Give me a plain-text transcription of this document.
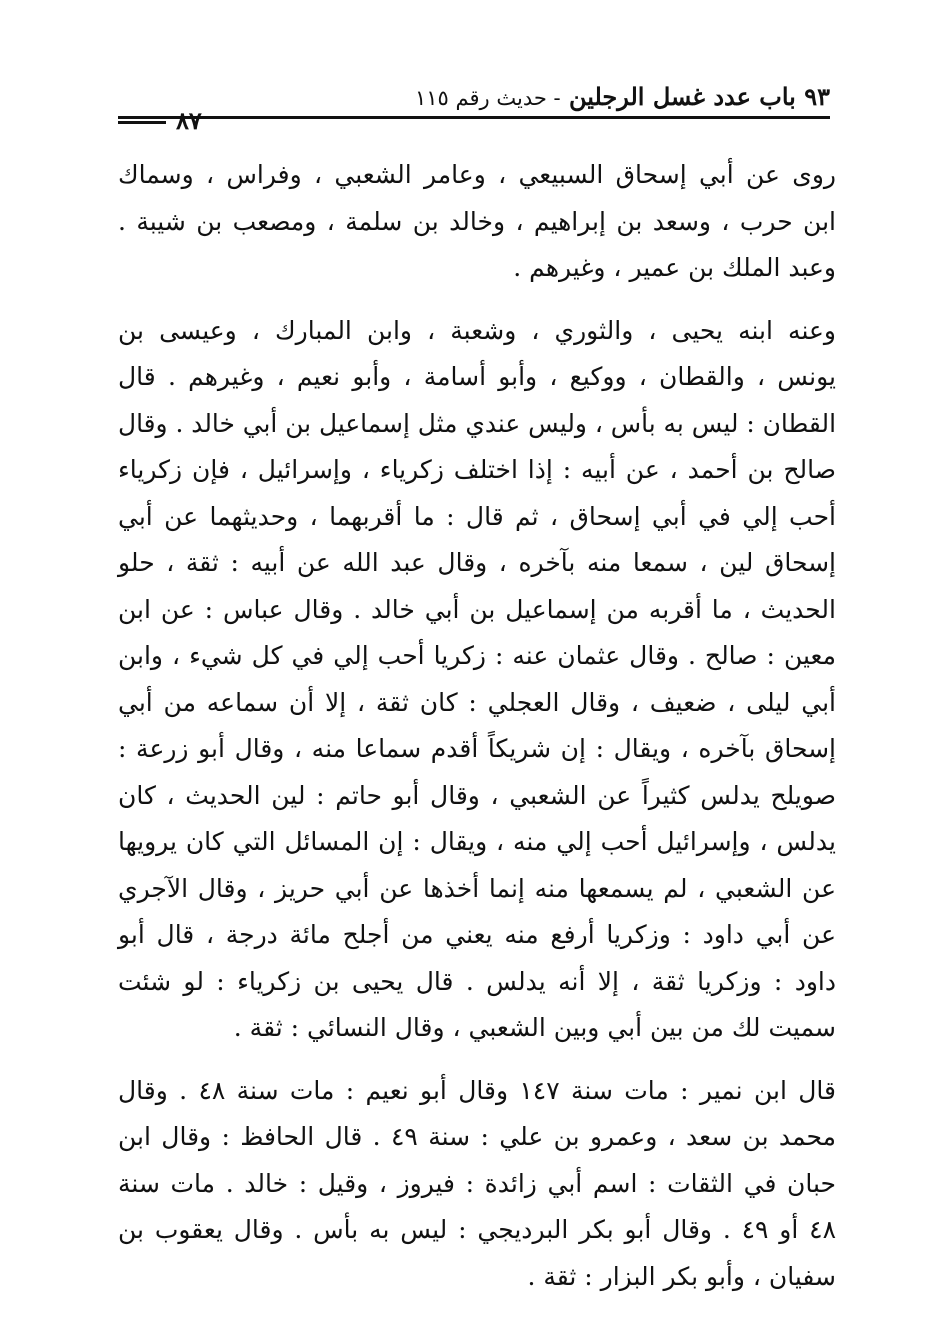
٩٣ باب عدد غسل الرجلين - حديث رقم ١١٥
٨٧

روى عن أبي إسحاق السبيعي ، وعامر الشعبي ، وفراس ، وسماك
ابن حرب ، وسعد بن إبراهيم ، وخالد بن سلمة ، ومصعب بن شيبة .
وعبد الملك بن عمير ، وغيرهم .

وعنه ابنه يحيى ، والثوري ، وشعبة ، وابن المبارك ، وعيسى بن
يونس ، والقطان ، ووكيع ، وأبو أسامة ، وأبو نعيم ، وغيرهم . قال
القطان : ليس به بأس ، وليس عندي مثل إسماعيل بن أبي خالد . وقال
صالح بن أحمد ، عن أبيه : إذا اختلف زكرياء ، وإسرائيل ، فإن زكرياء
أحب إلي في أبي إسحاق ، ثم قال : ما أقربهما ، وحديثهما عن أبي
إسحاق لين ، سمعا منه بآخره ، وقال عبد الله عن أبيه : ثقة ، حلو
الحديث ، ما أقربه من إسماعيل بن أبي خالد . وقال عباس : عن ابن
معين : صالح . وقال عثمان عنه : زكريا أحب إلي في كل شيء ، وابن
أبي ليلى ، ضعيف ، وقال العجلي : كان ثقة ، إلا أن سماعه من أبي
إسحاق بآخره ، ويقال : إن شريكاً أقدم سماعا منه ، وقال أبو زرعة :
صويلح يدلس كثيراً عن الشعبي ، وقال أبو حاتم : لين الحديث ، كان
يدلس ، وإسرائيل أحب إلي منه ، ويقال : إن المسائل التي كان يرويها
عن الشعبي ، لم يسمعها منه إنما أخذها عن أبي حريز ، وقال الآجري
عن أبي داود : وزكريا أرفع منه يعني من أجلح مائة درجة ، قال أبو
داود : وزكريا ثقة ، إلا أنه يدلس . قال يحيى بن زكرياء : لو شئت
سميت لك من بين أبي وبين الشعبي ، وقال النسائي : ثقة .

قال ابن نمير : مات سنة ١٤٧ وقال أبو نعيم : مات سنة ٤٨ . وقال
محمد بن سعد ، وعمرو بن علي : سنة ٤٩ . قال الحافظ : وقال ابن
حبان في الثقات : اسم أبي زائدة : فيروز ، وقيل : خالد . مات سنة
٤٨ أو ٤٩ . وقال أبو بكر البرديجي : ليس به بأس . وقال يعقوب بن
سفيان ، وأبو بكر البزار : ثقة .
